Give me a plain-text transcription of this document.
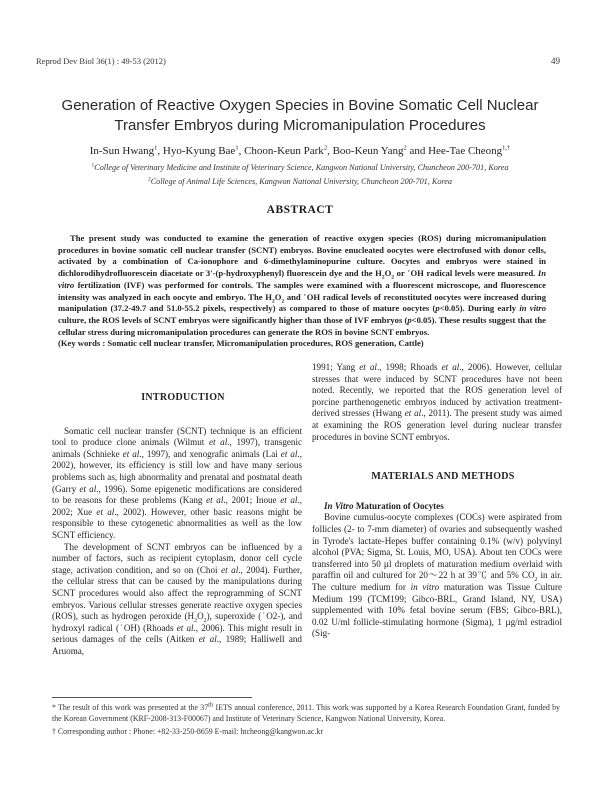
Reprod Dev Biol 36(1) : 49-53 (2012)	49
Generation of Reactive Oxygen Species in Bovine Somatic Cell Nuclear
Transfer Embryos during Micromanipulation Procedures
In-Sun Hwang$^1$, Hyo-Kyung Bae$^1$, Choon-Keun Park$^2$, Boo-Keun Yang$^2$ and Hee-Tae Cheong$^{1,\dagger}$
$^1$College of Veterinary Medicine and Institute of Veterinary Science, Kangwon National University, Chuncheon 200-701, Korea
$^2$College of Animal Life Sciences, Kangwon National University, Chuncheon 200-701, Korea
ABSTRACT

The present study was conducted to examine the generation of reactive oxygen species (ROS) during micromanipulation procedures in bovine somatic cell nuclear transfer (SCNT) embryos. Bovine enucleated oocytes were electrofused with donor cells, activated by a combination of Ca-ionophore and 6-dimethylaminopurine culture. Oocytes and embryos were stained in dichlorodihydrofluorescein diacetate or 3'-(p-hydroxyphenyl) fluorescein dye and the $H_2O_2$ or ˙OH radical levels were measured. In vitro fertilization (IVF) was performed for controls. The samples were examined with a fluorescent microscope, and fluorescence intensity was analyzed in each oocyte and embryo. The $H_2O_2$ and ˙OH radical levels of reconstituted oocytes were increased during manipulation (37.2-49.7 and 51.0-55.2 pixels, respectively) as compared to those of mature oocytes (p<0.05). During early in vitro culture, the ROS levels of SCNT embryos were significantly higher than those of IVF embryos (p<0.05). These results suggest that the cellular stress during micromanipulation procedures can generate the ROS in bovine SCNT embryos.

(Key words : Somatic cell nuclear transfer, Micromanipulation procedures, ROS generation, Cattle)

INTRODUCTION

Somatic cell nuclear transfer (SCNT) technique is an efficient tool to produce clone animals (Wilmut et al., 1997), transgenic animals (Schnieke et al., 1997), and xenografic animals (Lai et al., 2002), however, its efficiency is still low and have many serious problems such as, high abnormality and prenatal and postnatal death (Garry et al., 1996). Some epigenetic modifications are considered to be reasons for these problems (Kang et al., 2001; Inoue et al., 2002; Xue et al., 2002). However, other basic reasons might be responsible to these cytogenetic abnormalities as well as the low SCNT efficiency.

The development of SCNT embryos can be influenced by a number of factors, such as recipient cytoplasm, donor cell cycle stage, activation condition, and so on (Choi et al., 2004). Further, the cellular stress that can be caused by the manipulations during SCNT procedures would also affect the reprogramming of SCNT embryos. Various cellular stresses generate reactive oxygen species (ROS), such as hydrogen peroxide $(H_2O_2)$, superoxide (˙O2-), and hydroxyl radical (˙OH) (Rhoads et al., 2006). This might result in serious damages of the cells (Aitken et al., 1989; Halliwell and Aruoma,

1991; Yang et al., 1998; Rhoads et al., 2006). However, cellular stresses that were induced by SCNT procedures have not been noted. Recently, we reported that the ROS generation level of porcine parthenogenetic embryos induced by activation treatment-derived stresses (Hwang et al., 2011). The present study was aimed at examining the ROS generation level during nuclear transfer procedures in bovine SCNT embryos.

MATERIALS AND METHODS

In Vitro Maturation of Oocytes

Bovine cumulus-oocyte complexes (COCs) were aspirated from follicles (2- to 7-mm diameter) of ovaries and subsequently washed in Tyrode's lactate-Hepes buffer containing 0.1% (w/v) polyvinyl alcohol (PVA; Sigma, St. Louis, MO, USA). About ten COCs were transferred into 50 µl droplets of maturation medium overlaid with paraffin oil and cultured for 20～22 h at 39℃ and 5% $CO_2$ in air. The culture medium for in vitro maturation was Tissue Culture Medium 199 (TCM199; Gibco-BRL, Grand Island, NY, USA) supplemented with 10% fetal bovine serum (FBS; Gibco-BRL), 0.02 U/ml follicle-stimulating hormone (Sigma), 1 µg/ml estradiol (Sig-

* The result of this work was presented at the 37th IETS annual conference, 2011. This work was supported by a Korea Research Foundation Grant, funded by the Korean Government (KRF-2008-313-F00067) and Institute of Veterinary Science, Kangwon National University, Korea.
† Corresponding author : Phone: +82-33-250-8659 E-mail: htcheong@kangwon.ac.kr
